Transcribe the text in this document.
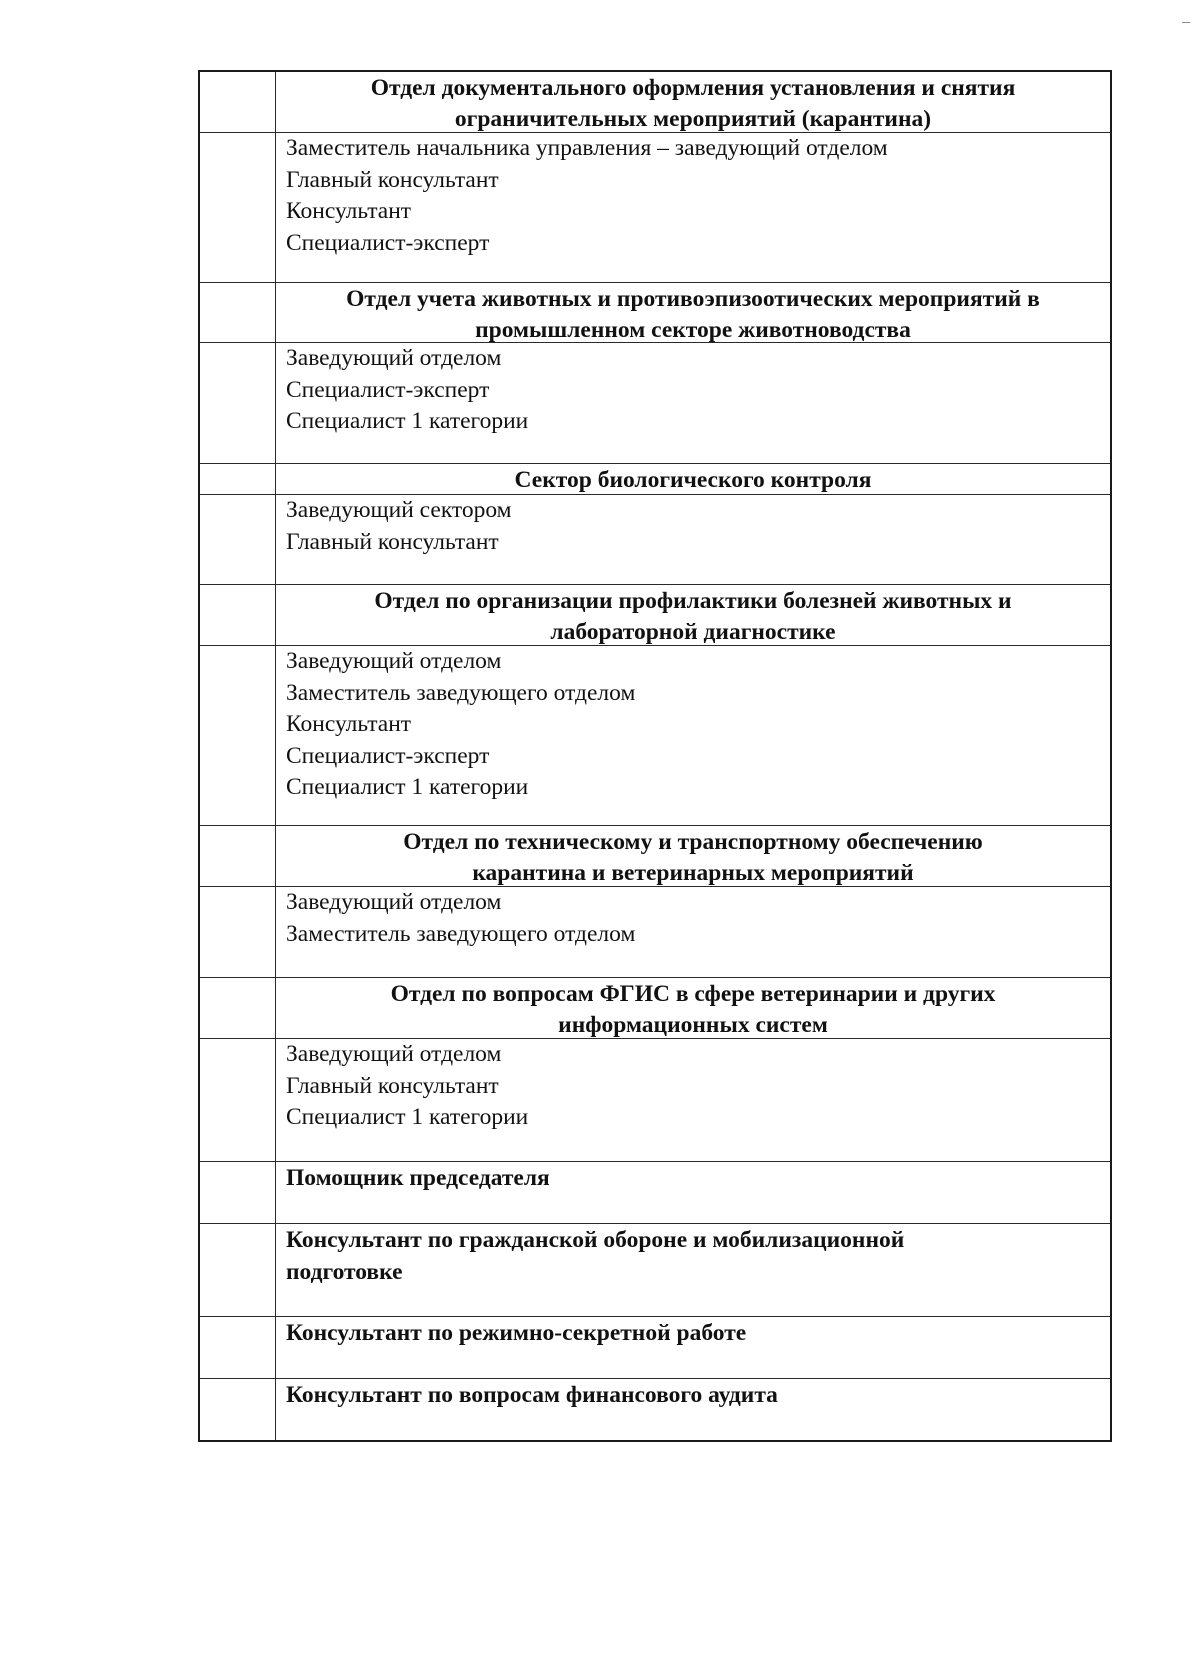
Отдел документального оформления установления и снятия
ограничительных мероприятий (карантина)
Заместитель начальника управления – заведующий отделом
Главный консультант
Консультант
Специалист-эксперт
Отдел учета животных и противоэпизоотических мероприятий в
промышленном секторе животноводства
Заведующий отделом
Специалист-эксперт
Специалист 1 категории
Сектор биологического контроля
Заведующий сектором
Главный консультант
Отдел по организации профилактики болезней животных и
лабораторной диагностике
Заведующий отделом
Заместитель заведующего отделом
Консультант
Специалист-эксперт
Специалист 1 категории
Отдел по техническому и транспортному обеспечению
карантина и ветеринарных мероприятий
Заведующий отделом
Заместитель заведующего отделом
Отдел по вопросам ФГИС в сфере ветеринарии и других
информационных систем
Заведующий отделом
Главный консультант
Специалист 1 категории
Помощник председателя
Консультант по гражданской обороне и мобилизационной
подготовке
Консультант по режимно-секретной работе
Консультант по вопросам финансового аудита
